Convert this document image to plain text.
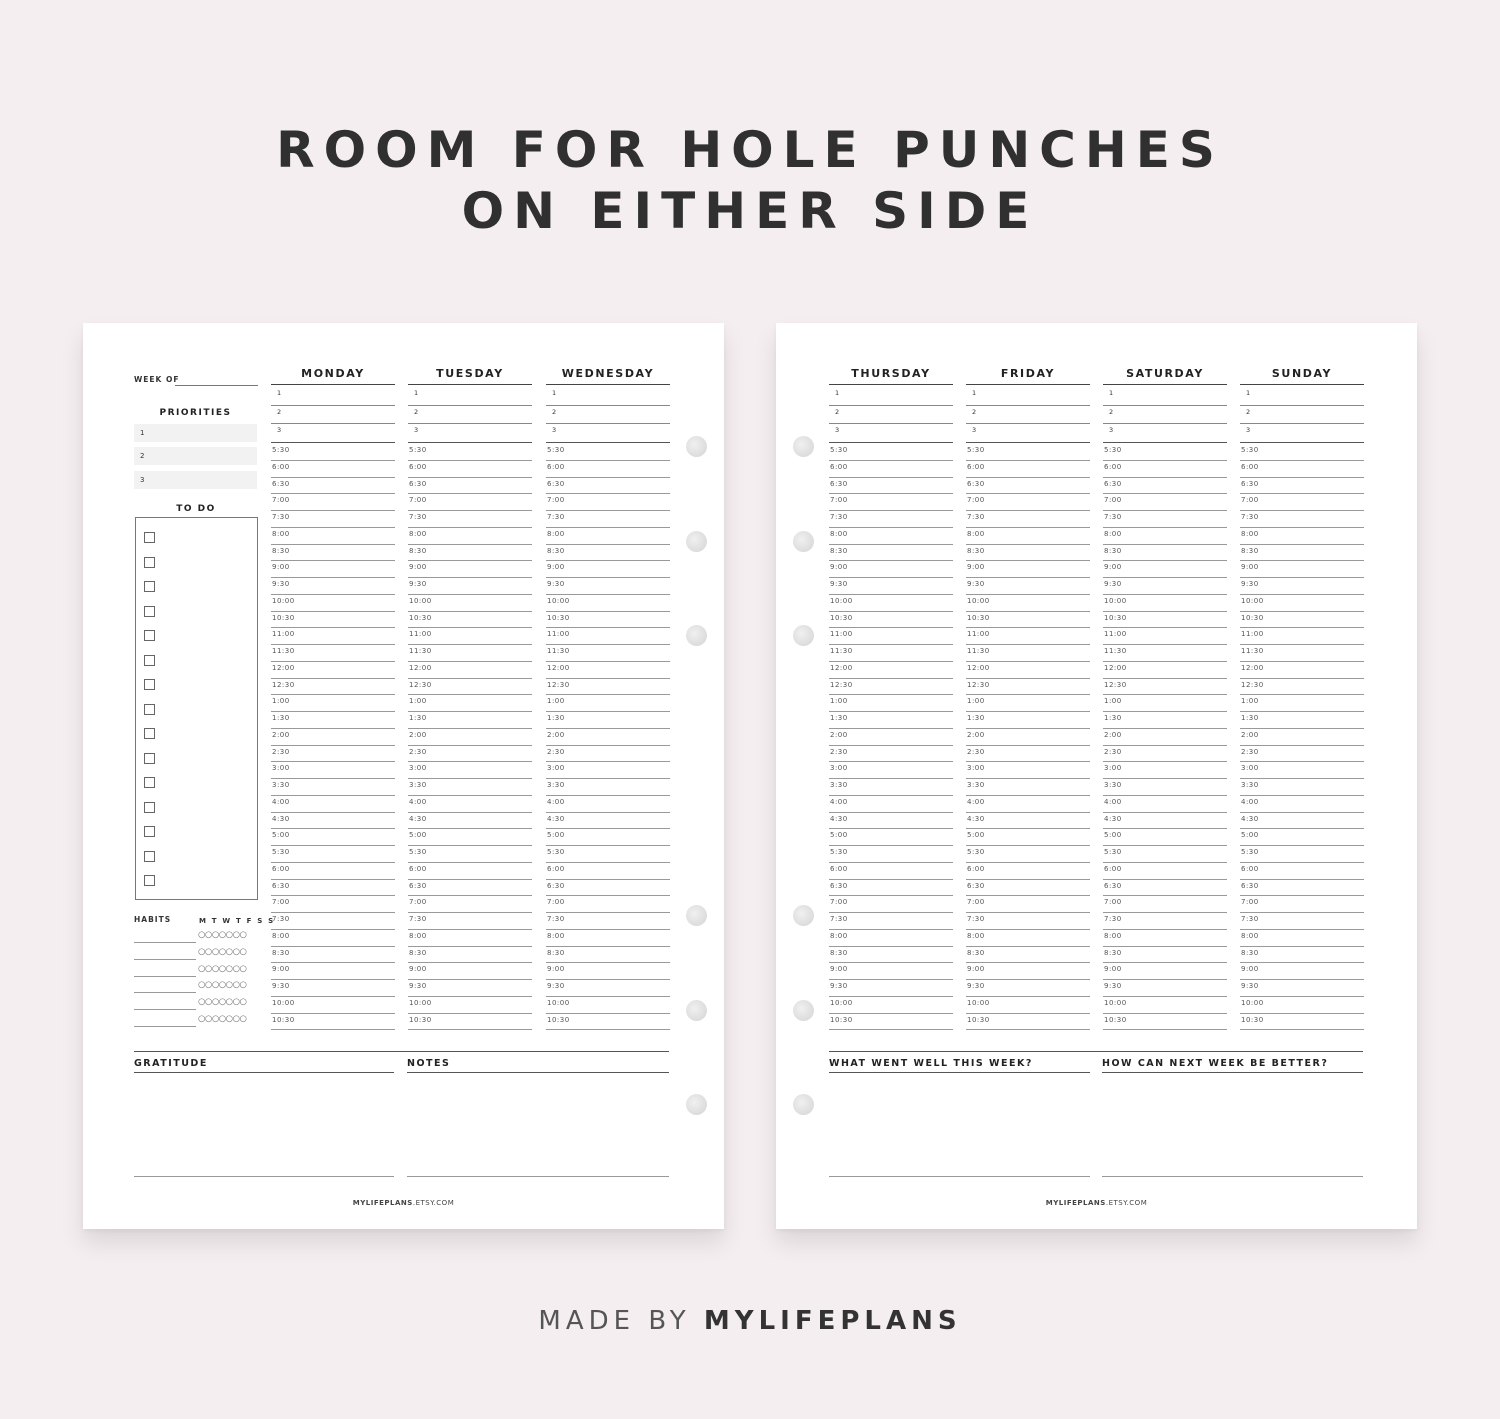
ROOM FOR HOLE PUNCHES
ON EITHER SIDE
WEEK OF
PRIORITIES
1
2
3
TO DO
HABITS	M T W T F S S
○○○○○○○
○○○○○○○
○○○○○○○
○○○○○○○
○○○○○○○
○○○○○○○
MONDAY
1
2
3
5:30
6:00
6:30
7:00
7:30
8:00
8:30
9:00
9:30
10:00
10:30
11:00
11:30
12:00
12:30
1:00
1:30
2:00
2:30
3:00
3:30
4:00
4:30
5:00
5:30
6:00
6:30
7:00
7:30
8:00
8:30
9:00
9:30
10:00
10:30
TUESDAY
1
2
3
5:30
6:00
6:30
7:00
7:30
8:00
8:30
9:00
9:30
10:00
10:30
11:00
11:30
12:00
12:30
1:00
1:30
2:00
2:30
3:00
3:30
4:00
4:30
5:00
5:30
6:00
6:30
7:00
7:30
8:00
8:30
9:00
9:30
10:00
10:30
WEDNESDAY
1
2
3
5:30
6:00
6:30
7:00
7:30
8:00
8:30
9:00
9:30
10:00
10:30
11:00
11:30
12:00
12:30
1:00
1:30
2:00
2:30
3:00
3:30
4:00
4:30
5:00
5:30
6:00
6:30
7:00
7:30
8:00
8:30
9:00
9:30
10:00
10:30
GRATITUDE	NOTES
MYLIFEPLANS.ETSY.COM
THURSDAY
1
2
3
5:30
6:00
6:30
7:00
7:30
8:00
8:30
9:00
9:30
10:00
10:30
11:00
11:30
12:00
12:30
1:00
1:30
2:00
2:30
3:00
3:30
4:00
4:30
5:00
5:30
6:00
6:30
7:00
7:30
8:00
8:30
9:00
9:30
10:00
10:30
FRIDAY
1
2
3
5:30
6:00
6:30
7:00
7:30
8:00
8:30
9:00
9:30
10:00
10:30
11:00
11:30
12:00
12:30
1:00
1:30
2:00
2:30
3:00
3:30
4:00
4:30
5:00
5:30
6:00
6:30
7:00
7:30
8:00
8:30
9:00
9:30
10:00
10:30
SATURDAY
1
2
3
5:30
6:00
6:30
7:00
7:30
8:00
8:30
9:00
9:30
10:00
10:30
11:00
11:30
12:00
12:30
1:00
1:30
2:00
2:30
3:00
3:30
4:00
4:30
5:00
5:30
6:00
6:30
7:00
7:30
8:00
8:30
9:00
9:30
10:00
10:30
SUNDAY
1
2
3
5:30
6:00
6:30
7:00
7:30
8:00
8:30
9:00
9:30
10:00
10:30
11:00
11:30
12:00
12:30
1:00
1:30
2:00
2:30
3:00
3:30
4:00
4:30
5:00
5:30
6:00
6:30
7:00
7:30
8:00
8:30
9:00
9:30
10:00
10:30
WHAT WENT WELL THIS WEEK?	HOW CAN NEXT WEEK BE BETTER?
MYLIFEPLANS.ETSY.COM
MADE BY MYLIFEPLANS
